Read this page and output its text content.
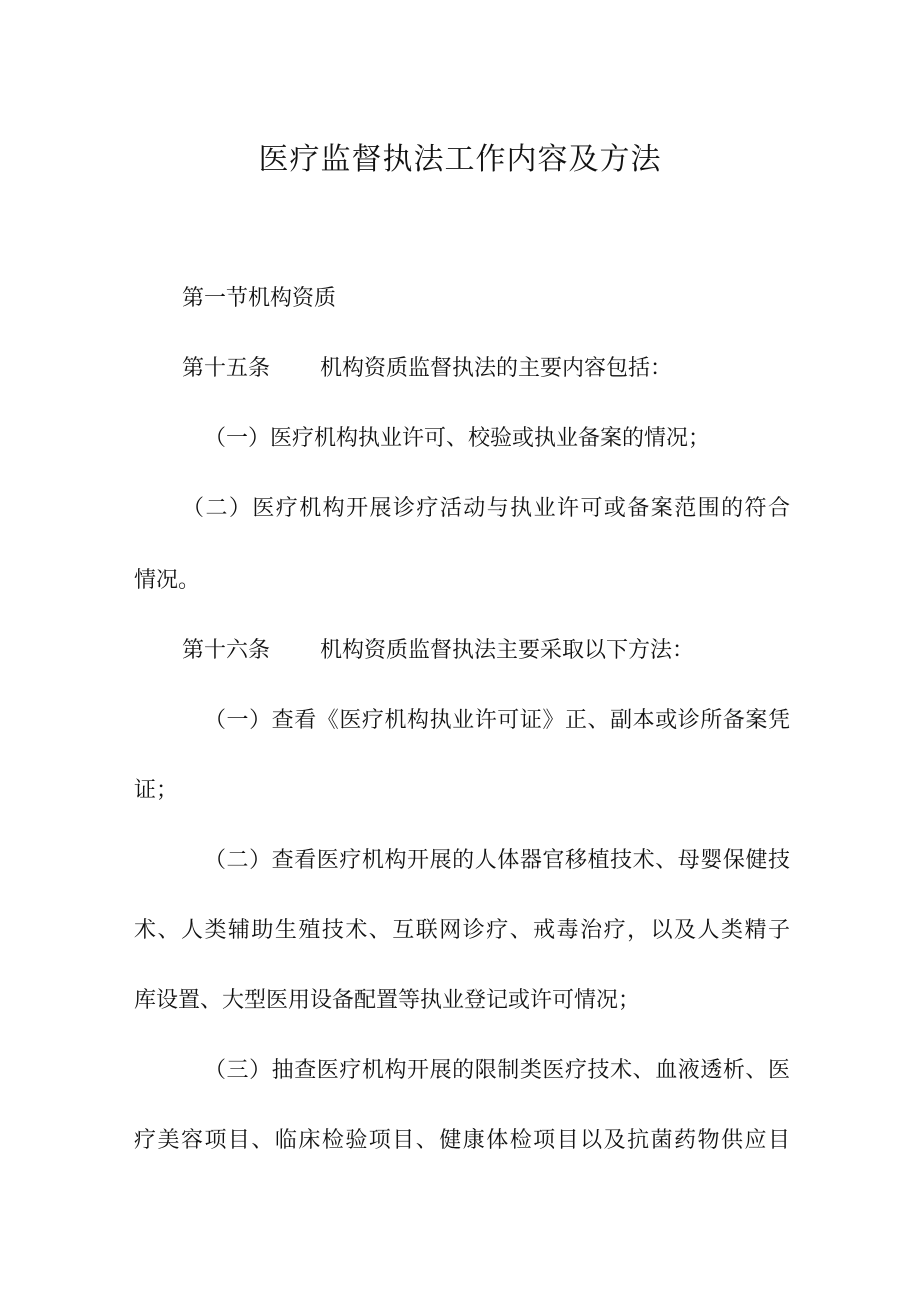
医疗监督执法工作内容及方法

第一节机构资质

第十五条 机构资质监督执法的主要内容包括：

（一）医疗机构执业许可、校验或执业备案的情况；

（二）医疗机构开展诊疗活动与执业许可或备案范围的符合

情况。

第十六条 机构资质监督执法主要采取以下方法：

（一）查看《医疗机构执业许可证》正、副本或诊所备案凭

证；

（二）查看医疗机构开展的人体器官移植技术、母婴保健技

术、人类辅助生殖技术、互联网诊疗、戒毒治疗，以及人类精子

库设置、大型医用设备配置等执业登记或许可情况；

（三）抽查医疗机构开展的限制类医疗技术、血液透析、医

疗美容项目、临床检验项目、健康体检项目以及抗菌药物供应目
